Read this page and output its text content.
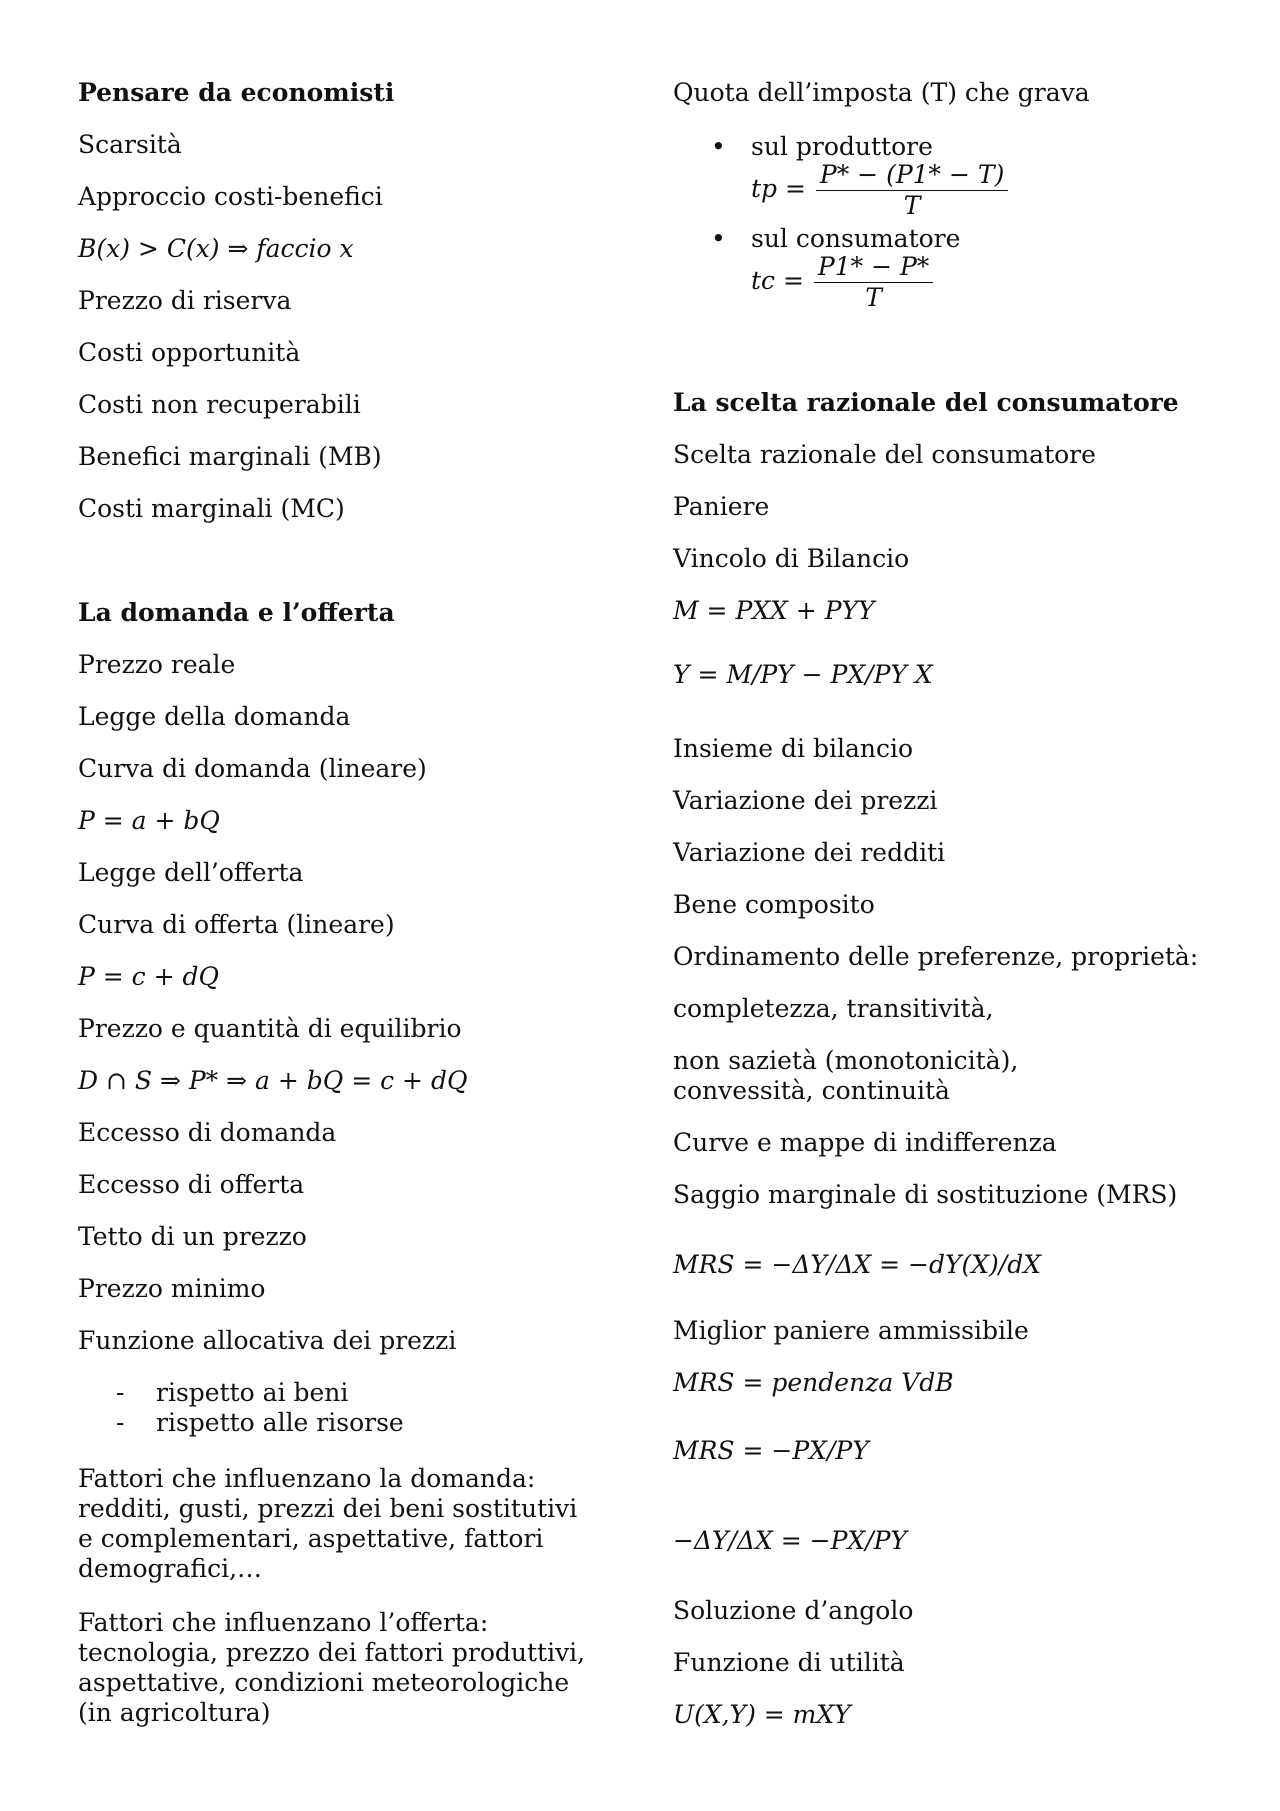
Pensare da economisti
Scarsità
Approccio costi-benefici
B(x) > C(x) ⇒ faccio x
Prezzo di riserva
Costi opportunità
Costi non recuperabili
Benefici marginali (MB)
Costi marginali (MC)
La domanda e l’offerta
Prezzo reale
Legge della domanda
Curva di domanda (lineare)
P = a + bQ
Legge dell’offerta
Curva di offerta (lineare)
P = c + dQ
Prezzo e quantità di equilibrio
D ∩ S ⇒ P* ⇒ a + bQ = c + dQ
Eccesso di domanda
Eccesso di offerta
Tetto di un prezzo
Prezzo minimo
Funzione allocativa dei prezzi
- rispetto ai beni
- rispetto alle risorse
Fattori che influenzano la domanda: redditi, gusti, prezzi dei beni sostitutivi e complementari, aspettative, fattori demografici,…
Fattori che influenzano l’offerta: tecnologia, prezzo dei fattori produttivi, aspettative, condizioni meteorologiche (in agricoltura)
Quota dell’imposta (T) che grava
• sul produttore
tp = $\frac{P* - (P1* - T)}{T}$
• sul consumatore
tc = $\frac{P1* - P*}{T}$
La scelta razionale del consumatore
Scelta razionale del consumatore
Paniere
Vincolo di Bilancio
M = PXX + PYY
Y = M/PY − PX/PY X
Insieme di bilancio
Variazione dei prezzi
Variazione dei redditi
Bene composito
Ordinamento delle preferenze, proprietà:
completezza, transitività,
non sazietà (monotonicità), convessità, continuità
Curve e mappe di indifferenza
Saggio marginale di sostituzione (MRS)
MRS = −ΔY/ΔX = −dY(X)/dX
Miglior paniere ammissibile
MRS = pendenza VdB
MRS = −PX/PY
−ΔY/ΔX = −PX/PY
Soluzione d’angolo
Funzione di utilità
U(X,Y) = mXY
